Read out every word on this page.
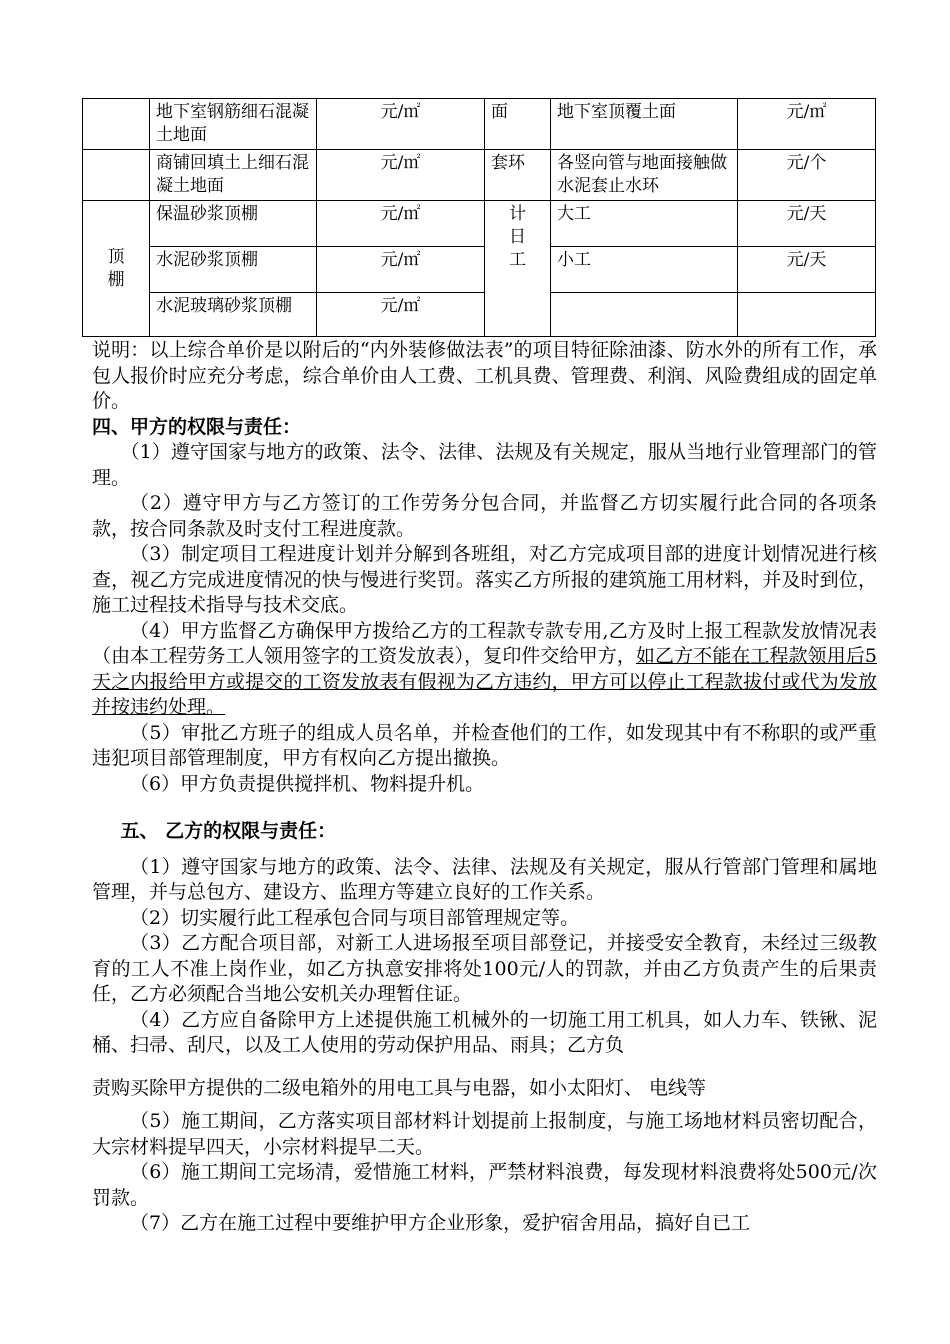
	地下室钢筋细石混凝土地面	元/㎡	面	地下室顶覆土面	元/㎡
	商铺回填土上细石混凝土地面	元/㎡	套环	各竖向管与地面接触做水泥套止水环	元/个

顶棚	保温砂浆顶棚	元/㎡	计日工	大工	元/天
	水泥砂浆顶棚	元/㎡		小工	元/天
	水泥玻璃砂浆顶棚	元/㎡			

说明：以上综合单价是以附后的“内外装修做法表”的项目特征除油漆、防水外的所有工作，承包人报价时应充分考虑，综合单价由人工费、工机具费、管理费、利润、风险费组成的固定单价。

四、甲方的权限与责任：

（1）遵守国家与地方的政策、法令、法律、法规及有关规定，服从当地行业管理部门的管理。

（2）遵守甲方与乙方签订的工作劳务分包合同，并监督乙方切实履行此合同的各项条款，按合同条款及时支付工程进度款。

（3）制定项目工程进度计划并分解到各班组，对乙方完成项目部的进度计划情况进行核查，视乙方完成进度情况的快与慢进行奖罚。落实乙方所报的建筑施工用材料，并及时到位，施工过程技术指导与技术交底。

（4）甲方监督乙方确保甲方拨给乙方的工程款专款专用,乙方及时上报工程款发放情况表（由本工程劳务工人领用签字的工资发放表），复印件交给甲方，如乙方不能在工程款领用后5天之内报给甲方或提交的工资发放表有假视为乙方违约，甲方可以停止工程款拔付或代为发放并按违约处理。

（5）审批乙方班子的组成人员名单，并检查他们的工作，如发现其中有不称职的或严重违犯项目部管理制度，甲方有权向乙方提出撤换。

（6）甲方负责提供搅拌机、物料提升机。

五、 乙方的权限与责任：

（1）遵守国家与地方的政策、法令、法律、法规及有关规定，服从行管部门管理和属地管理，并与总包方、建设方、监理方等建立良好的工作关系。

（2）切实履行此工程承包合同与项目部管理规定等。

（3）乙方配合项目部，对新工人进场报至项目部登记，并接受安全教育，未经过三级教育的工人不准上岗作业，如乙方执意安排将处100元/人的罚款，并由乙方负责产生的后果责任，乙方必须配合当地公安机关办理暂住证。

（4）乙方应自备除甲方上述提供施工机械外的一切施工用工机具，如人力车、铁锹、泥桶、扫帚、刮尺，以及工人使用的劳动保护用品、雨具；乙方负

责购买除甲方提供的二级电箱外的用电工具与电器，如小太阳灯、 电线等

（5）施工期间，乙方落实项目部材料计划提前上报制度，与施工场地材料员密切配合，大宗材料提早四天，小宗材料提早二天。

（6）施工期间工完场清，爱惜施工材料，严禁材料浪费，每发现材料浪费将处500元/次罚款。

（7）乙方在施工过程中要维护甲方企业形象，爱护宿舍用品，搞好自已工
